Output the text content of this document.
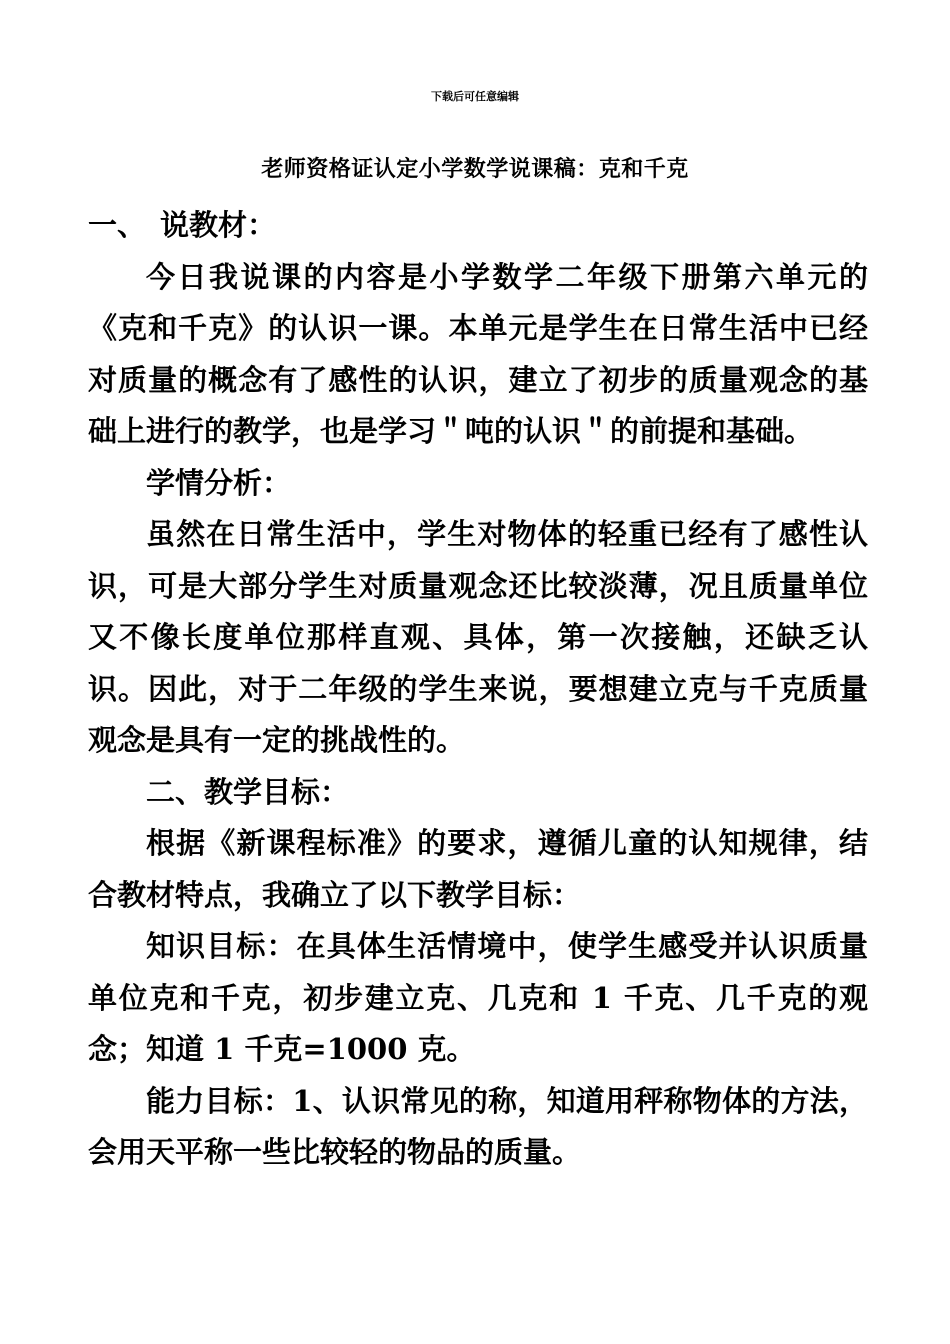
下载后可任意编辑
老师资格证认定小学数学说课稿：克和千克

一、 说教材：

今日我说课的内容是小学数学二年级下册第六单元的《克和千克》的认识一课。本单元是学生在日常生活中已经对质量的概念有了感性的认识，建立了初步的质量观念的基础上进行的教学，也是学习＂吨的认识＂的前提和基础。

学情分析：

虽然在日常生活中，学生对物体的轻重已经有了感性认识，可是大部分学生对质量观念还比较淡薄，况且质量单位又不像长度单位那样直观、具体，第一次接触，还缺乏认识。因此，对于二年级的学生来说，要想建立克与千克质量观念是具有一定的挑战性的。

二、教学目标：

根据《新课程标准》的要求，遵循儿童的认知规律，结合教材特点，我确立了以下教学目标：

知识目标：在具体生活情境中，使学生感受并认识质量单位克和千克，初步建立克、几克和 1 千克、几千克的观念；知道 1 千克=1000 克。

能力目标：1、认识常见的称，知道用秤称物体的方法，会用天平称一些比较轻的物品的质量。
